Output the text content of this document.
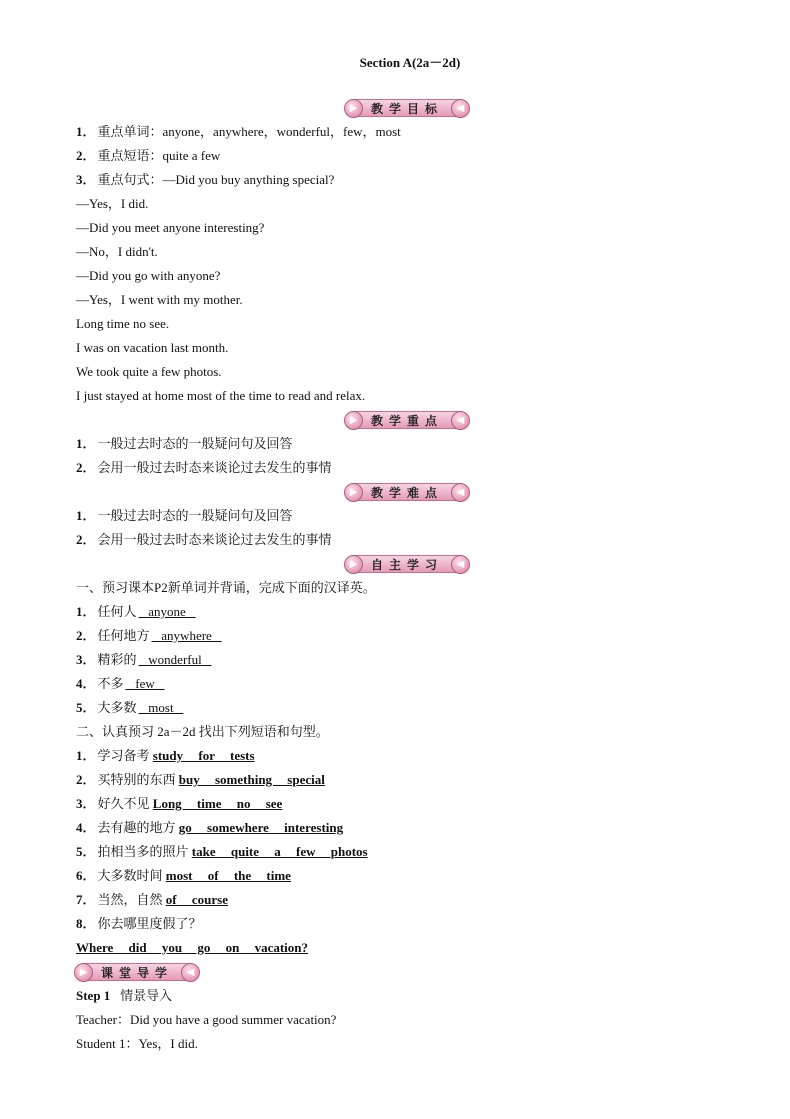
Section A(2a－2d)
▶	教学目标	◀
1． 重点单词：anyone，anywhere，wonderful，few，most
2． 重点短语：quite a few
3． 重点句式：—Did you buy anything special?
—Yes，I did.
—Did you meet anyone interesting?
—No，I didn't.
—Did you go with anyone?
—Yes，I went with my mother.
Long time no see.
I was on vacation last month.
We took quite a few photos.
I just stayed at home most of the time to read and relax.
▶	教学重点	◀
1． 一般过去时态的一般疑问句及回答
2． 会用一般过去时态来谈论过去发生的事情
▶	教学难点	◀
1． 一般过去时态的一般疑问句及回答
2． 会用一般过去时态来谈论过去发生的事情
▶	自主学习	◀
一、预习课本P2新单词并背诵，完成下面的汉译英。
1． 任何人 anyone
2． 任何地方 anywhere
3． 精彩的 wonderful
4． 不多 few
5． 大多数 most
二、认真预习 2a－2d 找出下列短语和句型。
1． 学习备考 study for tests
2． 买特别的东西 buy something special
3． 好久不见 Long time no see
4． 去有趣的地方 go somewhere interesting
5． 拍相当多的照片 take quite a few photos
6． 大多数时间 most of the time
7． 当然，自然 of course
8． 你去哪里度假了？
Where did you go on vacation?
▶	课堂导学	◀
Step 1 情景导入
Teacher：Did you have a good summer vacation?
Student 1：Yes，I did.
